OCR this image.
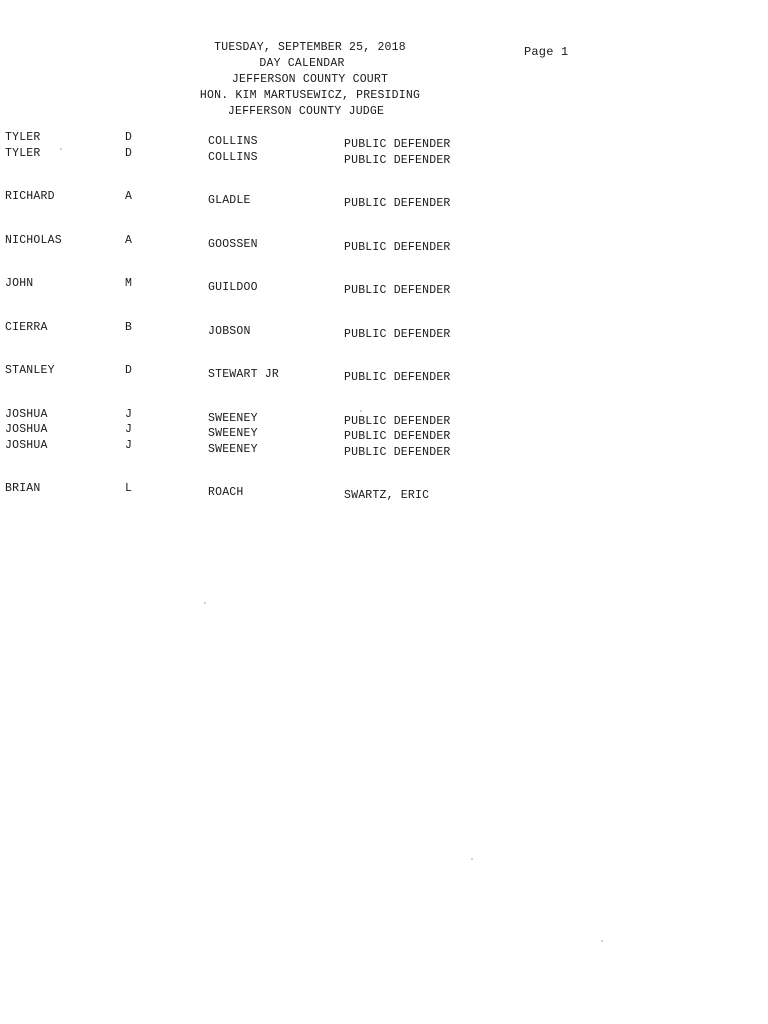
TUESDAY, SEPTEMBER 25, 2018
DAY CALENDAR
JEFFERSON COUNTY COURT
HON. KIM MARTUSEWICZ, PRESIDING
JEFFERSON COUNTY JUDGE
Page 1
TYLER	D	COLLINS	PUBLIC DEFENDER
TYLER	D	COLLINS	PUBLIC DEFENDER
RICHARD	A	GLADLE	PUBLIC DEFENDER
NICHOLAS	A	GOOSSEN	PUBLIC DEFENDER
JOHN	M	GUILDOO	PUBLIC DEFENDER
CIERRA	B	JOBSON	PUBLIC DEFENDER
STANLEY	D	STEWART JR	PUBLIC DEFENDER
JOSHUA	J	SWEENEY	PUBLIC DEFENDER
JOSHUA	J	SWEENEY	PUBLIC DEFENDER
JOSHUA	J	SWEENEY	PUBLIC DEFENDER
BRIAN	L	ROACH	SWARTZ, ERIC
